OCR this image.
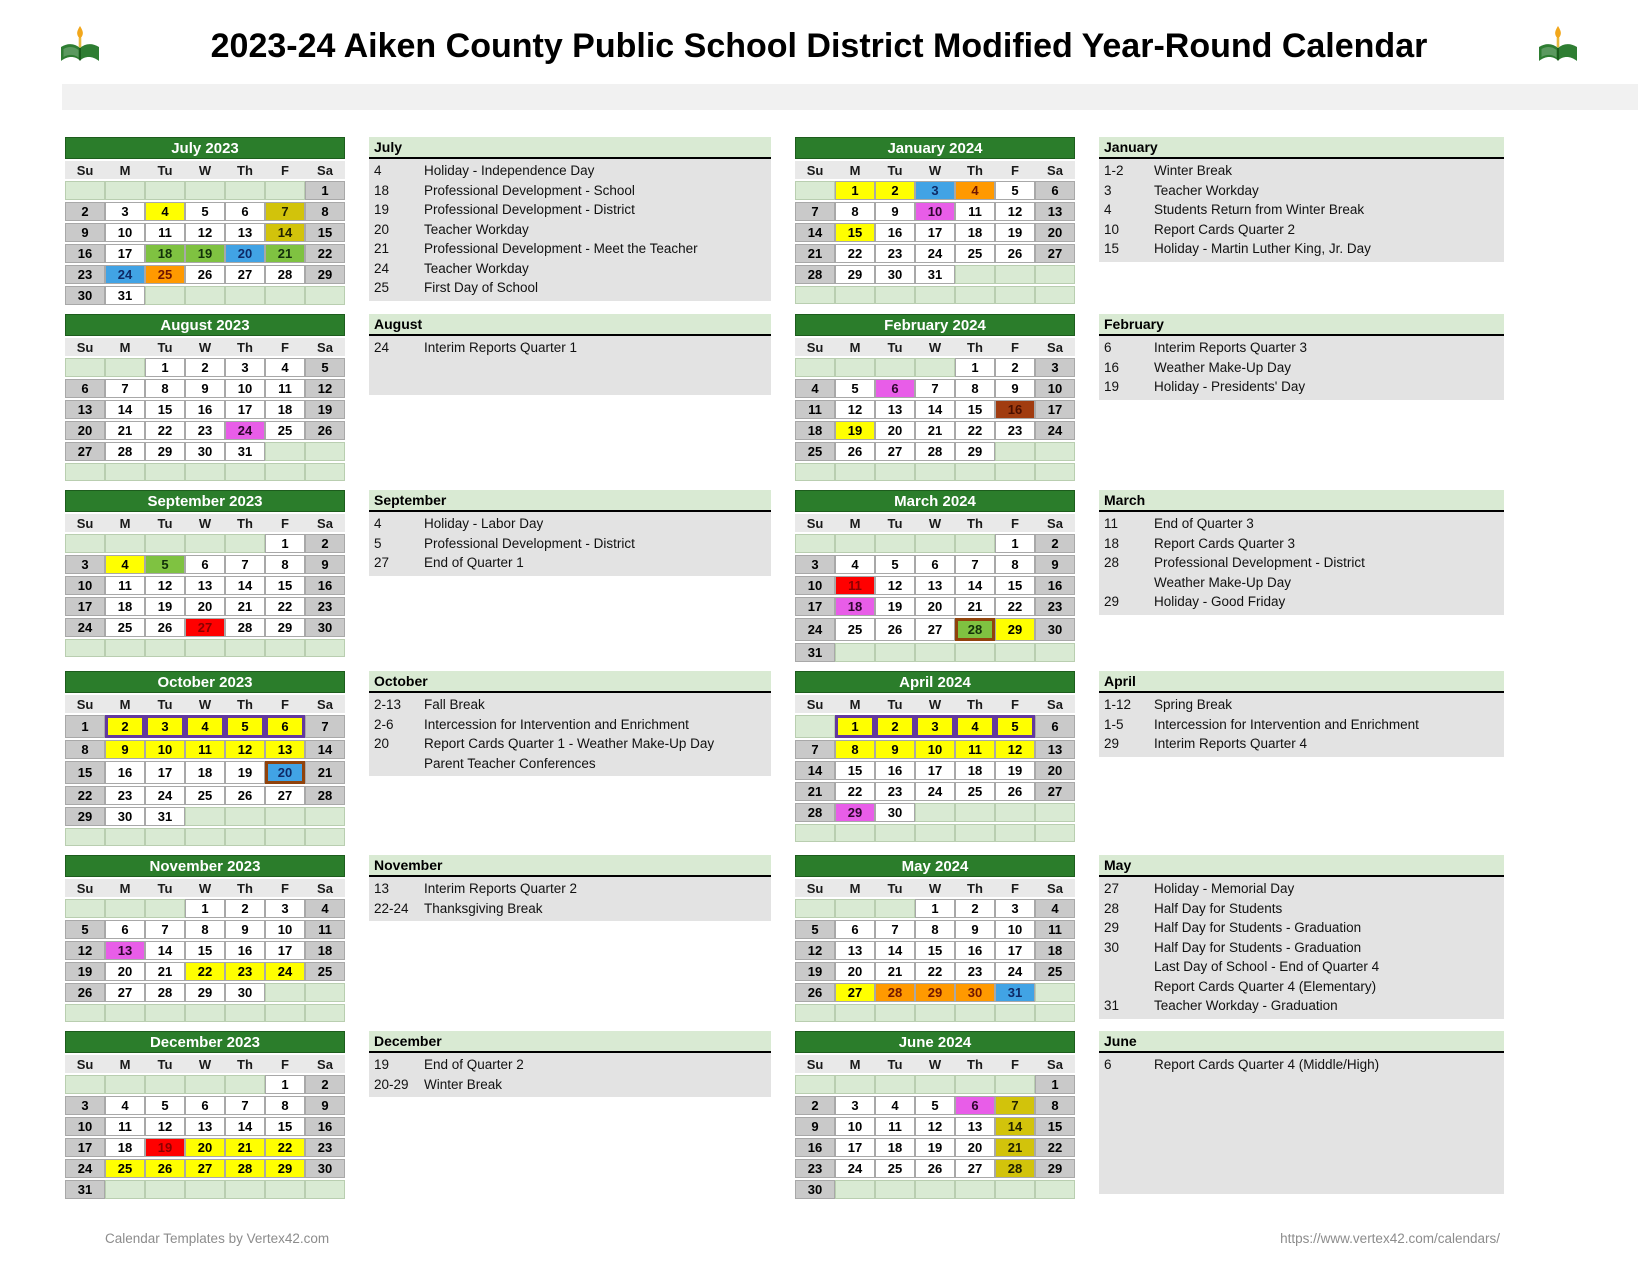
2023-24 Aiken County Public School District Modified Year-Round Calendar
July 2023
Su	M	Tu	W	Th	F	Sa
						1
2	3	4	5	6	7	8
9	10	11	12	13	14	15
16	17	18	19	20	21	22
23	24	25	26	27	28	29
30	31					
July
4	Holiday - Independence Day
18	Professional Development - School
19	Professional Development - District
20	Teacher Workday
21	Professional Development - Meet the Teacher
24	Teacher Workday
25	First Day of School
January 2024
Su	M	Tu	W	Th	F	Sa
	1	2	3	4	5	6
7	8	9	10	11	12	13
14	15	16	17	18	19	20
21	22	23	24	25	26	27
28	29	30	31			

January
1-2	Winter Break
3	Teacher Workday
4	Students Return from Winter Break
10	Report Cards Quarter 2
15	Holiday - Martin Luther King, Jr. Day
August 2023
Su	M	Tu	W	Th	F	Sa
		1	2	3	4	5
6	7	8	9	10	11	12
13	14	15	16	17	18	19
20	21	22	23	24	25	26
27	28	29	30	31		

August
24	Interim Reports Quarter 1
February 2024
Su	M	Tu	W	Th	F	Sa
				1	2	3
4	5	6	7	8	9	10
11	12	13	14	15	16	17
18	19	20	21	22	23	24
25	26	27	28	29		

February
6	Interim Reports Quarter 3
16	Weather Make-Up Day
19	Holiday - Presidents' Day
September 2023
Su	M	Tu	W	Th	F	Sa
					1	2
3	4	5	6	7	8	9
10	11	12	13	14	15	16
17	18	19	20	21	22	23
24	25	26	27	28	29	30

September
4	Holiday - Labor Day
5	Professional Development - District
27	End of Quarter 1
March 2024
Su	M	Tu	W	Th	F	Sa
					1	2
3	4	5	6	7	8	9
10	11	12	13	14	15	16
17	18	19	20	21	22	23
24	25	26	27	28	29	30
31						
March
11	End of Quarter 3
18	Report Cards Quarter 3
28	Professional Development - District
Weather Make-Up Day
29	Holiday - Good Friday
October 2023
Su	M	Tu	W	Th	F	Sa
1	2	3	4	5	6	7
8	9	10	11	12	13	14
15	16	17	18	19	20	21
22	23	24	25	26	27	28
29	30	31				

October
2-13	Fall Break
2-6	Intercession for Intervention and Enrichment
20	Report Cards Quarter 1 - Weather Make-Up Day
Parent Teacher Conferences
April 2024
Su	M	Tu	W	Th	F	Sa
	1	2	3	4	5	6
7	8	9	10	11	12	13
14	15	16	17	18	19	20
21	22	23	24	25	26	27
28	29	30				

April
1-12	Spring Break
1-5	Intercession for Intervention and Enrichment
29	Interim Reports Quarter 4
November 2023
Su	M	Tu	W	Th	F	Sa
			1	2	3	4
5	6	7	8	9	10	11
12	13	14	15	16	17	18
19	20	21	22	23	24	25
26	27	28	29	30		

November
13	Interim Reports Quarter 2
22-24	Thanksgiving Break
May 2024
Su	M	Tu	W	Th	F	Sa
			1	2	3	4
5	6	7	8	9	10	11
12	13	14	15	16	17	18
19	20	21	22	23	24	25
26	27	28	29	30	31	

May
27	Holiday - Memorial Day
28	Half Day for Students
29	Half Day for Students - Graduation
30	Half Day for Students - Graduation
Last Day of School - End of Quarter 4
Report Cards Quarter 4 (Elementary)
31	Teacher Workday - Graduation
December 2023
Su	M	Tu	W	Th	F	Sa
					1	2
3	4	5	6	7	8	9
10	11	12	13	14	15	16
17	18	19	20	21	22	23
24	25	26	27	28	29	30
31						
December
19	End of Quarter 2
20-29	Winter Break
June 2024
Su	M	Tu	W	Th	F	Sa
						1
2	3	4	5	6	7	8
9	10	11	12	13	14	15
16	17	18	19	20	21	22
23	24	25	26	27	28	29
30						
June
6	Report Cards Quarter 4 (Middle/High)
Calendar Templates by Vertex42.com	https://www.vertex42.com/calendars/
